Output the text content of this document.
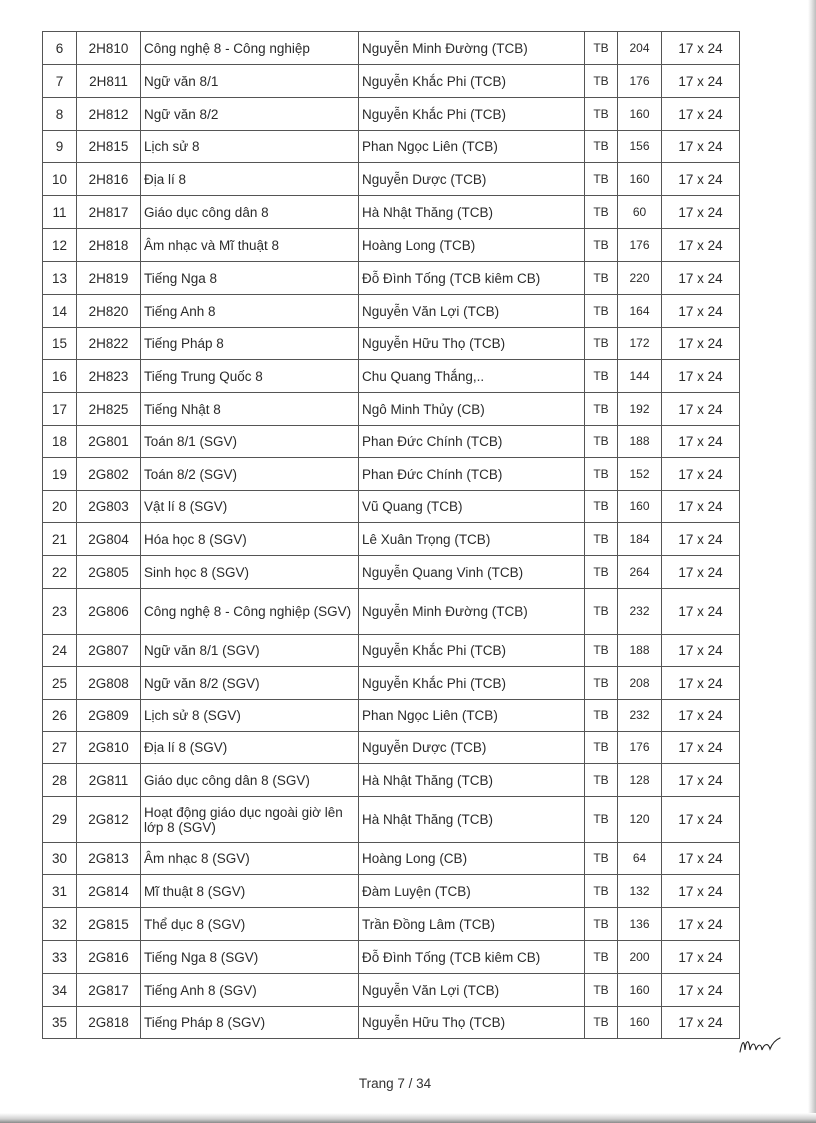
6	2H810	Công nghệ 8 - Công nghiệp	Nguyễn Minh Đường (TCB)	TB	204	17 x 24
7	2H811	Ngữ văn 8/1	Nguyễn Khắc Phi (TCB)	TB	176	17 x 24
8	2H812	Ngữ văn 8/2	Nguyễn Khắc Phi (TCB)	TB	160	17 x 24
9	2H815	Lịch sử 8	Phan Ngọc Liên (TCB)	TB	156	17 x 24
10	2H816	Địa lí 8	Nguyễn Dược (TCB)	TB	160	17 x 24
11	2H817	Giáo dục công dân 8	Hà Nhật Thăng (TCB)	TB	60	17 x 24
12	2H818	Âm nhạc và Mĩ thuật 8	Hoàng Long (TCB)	TB	176	17 x 24
13	2H819	Tiếng Nga 8	Đỗ Đình Tống (TCB kiêm CB)	TB	220	17 x 24
14	2H820	Tiếng Anh 8	Nguyễn Văn Lợi (TCB)	TB	164	17 x 24
15	2H822	Tiếng Pháp 8	Nguyễn Hữu Thọ (TCB)	TB	172	17 x 24
16	2H823	Tiếng Trung Quốc 8	Chu Quang Thắng,..	TB	144	17 x 24
17	2H825	Tiếng Nhật 8	Ngô Minh Thủy (CB)	TB	192	17 x 24
18	2G801	Toán 8/1 (SGV)	Phan Đức Chính (TCB)	TB	188	17 x 24
19	2G802	Toán 8/2 (SGV)	Phan Đức Chính (TCB)	TB	152	17 x 24
20	2G803	Vật lí 8 (SGV)	Vũ Quang (TCB)	TB	160	17 x 24
21	2G804	Hóa học 8 (SGV)	Lê Xuân Trọng (TCB)	TB	184	17 x 24
22	2G805	Sinh học 8 (SGV)	Nguyễn Quang Vinh (TCB)	TB	264	17 x 24
23	2G806	Công nghệ 8 - Công nghiệp (SGV)	Nguyễn Minh Đường (TCB)	TB	232	17 x 24
24	2G807	Ngữ văn 8/1 (SGV)	Nguyễn Khắc Phi (TCB)	TB	188	17 x 24
25	2G808	Ngữ văn 8/2 (SGV)	Nguyễn Khắc Phi (TCB)	TB	208	17 x 24
26	2G809	Lịch sử 8 (SGV)	Phan Ngọc Liên (TCB)	TB	232	17 x 24
27	2G810	Địa lí 8 (SGV)	Nguyễn Dược (TCB)	TB	176	17 x 24
28	2G811	Giáo dục công dân 8 (SGV)	Hà Nhật Thăng (TCB)	TB	128	17 x 24
29	2G812	Hoạt động giáo dục ngoài giờ lên lớp 8 (SGV)	Hà Nhật Thăng (TCB)	TB	120	17 x 24
30	2G813	Âm nhạc 8 (SGV)	Hoàng Long (CB)	TB	64	17 x 24
31	2G814	Mĩ thuật 8 (SGV)	Đàm Luyện (TCB)	TB	132	17 x 24
32	2G815	Thể dục 8 (SGV)	Trần Đồng Lâm (TCB)	TB	136	17 x 24
33	2G816	Tiếng Nga 8 (SGV)	Đỗ Đình Tống (TCB kiêm CB)	TB	200	17 x 24
34	2G817	Tiếng Anh 8 (SGV)	Nguyễn Văn Lợi (TCB)	TB	160	17 x 24
35	2G818	Tiếng Pháp 8 (SGV)	Nguyễn Hữu Thọ (TCB)	TB	160	17 x 24
Trang 7 / 34
